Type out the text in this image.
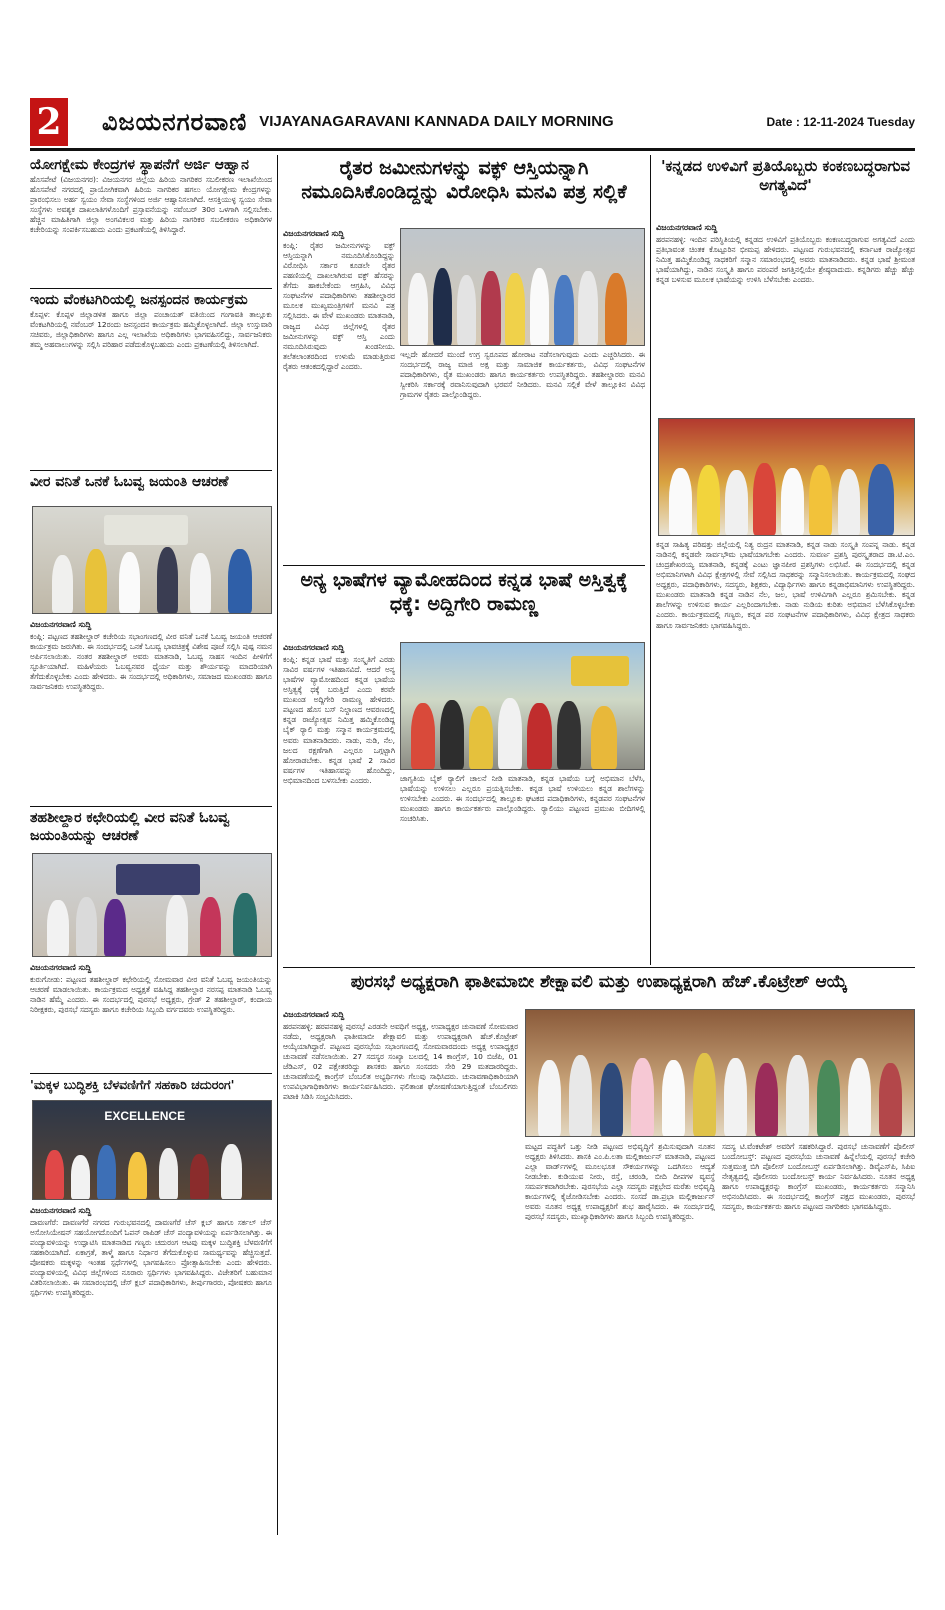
2 ವಿಜಯನಗರವಾಣಿ VIJAYANAGARAVANI KANNADA DAILY MORNING	Date : 12-11-2024 Tuesday
ಯೋಗಕ್ಷೇಮ ಕೇಂದ್ರಗಳ ಸ್ಥಾಪನೆಗೆ ಅರ್ಜಿ ಆಹ್ವಾನ
ಹೊಸಪೇಟೆ (ವಿಜಯನಗರ): ವಿಜಯನಗರ ಜಿಲ್ಲೆಯ ಹಿರಿಯ ನಾಗರಿಕರ ಸಬಲೀಕರಣ ಇಲಾಖೆಯಿಂದ ಹೊಸಪೇಟೆ ನಗರದಲ್ಲಿ ಪ್ರಾಯೋಗಿಕವಾಗಿ ಹಿರಿಯ ನಾಗರಿಕರ ಹಗಲು ಯೋಗಕ್ಷೇಮ ಕೇಂದ್ರಗಳನ್ನು ಪ್ರಾರಂಭಿಸಲು ಅರ್ಹ ಸ್ವಯಂ ಸೇವಾ ಸಂಸ್ಥೆಗಳಿಂದ ಅರ್ಜಿ ಆಹ್ವಾನಿಸಲಾಗಿದೆ. ಆಸಕ್ತಿಯುಳ್ಳ ಸ್ವಯಂ ಸೇವಾ ಸಂಸ್ಥೆಗಳು ಅವಶ್ಯಕ ದಾಖಲಾತಿಗಳೊಂದಿಗೆ ಪ್ರಸ್ತಾವನೆಯನ್ನು ನವೆಂಬರ್ 30ರ ಒಳಗಾಗಿ ಸಲ್ಲಿಸಬೇಕು. ಹೆಚ್ಚಿನ ಮಾಹಿತಿಗಾಗಿ ಜಿಲ್ಲಾ ಅಂಗವಿಕಲರ ಮತ್ತು ಹಿರಿಯ ನಾಗರಿಕರ ಸಬಲೀಕರಣ ಅಧಿಕಾರಿಗಳ ಕಚೇರಿಯನ್ನು ಸಂಪರ್ಕಿಸಬಹುದು ಎಂದು ಪ್ರಕಟಣೆಯಲ್ಲಿ ತಿಳಿಸಿದ್ದಾರೆ.
ಇಂದು ವೆಂಕಟಗಿರಿಯಲ್ಲಿ ಜನಸ್ಪಂದನ ಕಾರ್ಯಕ್ರಮ
ಕೊಪ್ಪಳ: ಕೊಪ್ಪಳ ಜಿಲ್ಲಾಡಳಿತ ಹಾಗೂ ಜಿಲ್ಲಾ ಪಂಚಾಯತ್ ವತಿಯಿಂದ ಗಂಗಾವತಿ ತಾಲ್ಲೂಕು ವೆಂಕಟಗಿರಿಯಲ್ಲಿ ನವೆಂಬರ್ 12ರಂದು ಜನಸ್ಪಂದನ ಕಾರ್ಯಕ್ರಮ ಹಮ್ಮಿಕೊಳ್ಳಲಾಗಿದೆ. ಜಿಲ್ಲಾ ಉಸ್ತುವಾರಿ ಸಚಿವರು, ಜಿಲ್ಲಾಧಿಕಾರಿಗಳು ಹಾಗೂ ಎಲ್ಲ ಇಲಾಖೆಯ ಅಧಿಕಾರಿಗಳು ಭಾಗವಹಿಸಲಿದ್ದು, ಸಾರ್ವಜನಿಕರು ತಮ್ಮ ಅಹವಾಲುಗಳನ್ನು ಸಲ್ಲಿಸಿ ಪರಿಹಾರ ಪಡೆದುಕೊಳ್ಳಬಹುದು ಎಂದು ಪ್ರಕಟಣೆಯಲ್ಲಿ ತಿಳಿಸಲಾಗಿದೆ.
ವೀರ ವನಿತೆ ಒನಕೆ ಓಬವ್ವ ಜಯಂತಿ ಆಚರಣೆ
ವಿಜಯನಗರವಾಣಿ ಸುದ್ದಿ
ಕಂಪ್ಲಿ: ಪಟ್ಟಣದ ತಹಶೀಲ್ದಾರ್ ಕಚೇರಿಯ ಸಭಾಂಗಣದಲ್ಲಿ ವೀರ ವನಿತೆ ಒನಕೆ ಓಬವ್ವ ಜಯಂತಿ ಆಚರಣೆ ಕಾರ್ಯಕ್ರಮ ಜರುಗಿತು. ಈ ಸಂದರ್ಭದಲ್ಲಿ ಒನಕೆ ಓಬವ್ವ ಭಾವಚಿತ್ರಕ್ಕೆ ವಿಶೇಷ ಪೂಜೆ ಸಲ್ಲಿಸಿ ಪುಷ್ಪ ನಮನ ಅರ್ಪಿಸಲಾಯಿತು. ನಂತರ ತಹಶೀಲ್ದಾರ್ ಅವರು ಮಾತನಾಡಿ, ಓಬವ್ವ ಸಾಹಸ ಇಂದಿನ ಪೀಳಿಗೆಗೆ ಸ್ಫೂರ್ತಿಯಾಗಿದೆ. ಮಹಿಳೆಯರು ಓಬವ್ವನವರ ಧೈರ್ಯ ಮತ್ತು ಶೌರ್ಯವನ್ನು ಮಾದರಿಯಾಗಿ ತೆಗೆದುಕೊಳ್ಳಬೇಕು ಎಂದು ಹೇಳಿದರು. ಈ ಸಂದರ್ಭದಲ್ಲಿ ಅಧಿಕಾರಿಗಳು, ಸಮಾಜದ ಮುಖಂಡರು ಹಾಗೂ ಸಾರ್ವಜನಿಕರು ಉಪಸ್ಥಿತರಿದ್ದರು.
ತಹಶೀಲ್ದಾರ ಕಛೇರಿಯಲ್ಲಿ ವೀರ ವನಿತೆ ಓಬವ್ವ ಜಯಂತಿಯನ್ನು ಆಚರಣೆ
ವಿಜಯನಗರವಾಣಿ ಸುದ್ದಿ
ಕುರುಗೋಡು: ಪಟ್ಟಣದ ತಹಶೀಲ್ದಾರ್ ಕಛೇರಿಯಲ್ಲಿ ಸೋಮವಾರ ವೀರ ವನಿತೆ ಓಬವ್ವ ಜಯಂತಿಯನ್ನು ಆಚರಣೆ ಮಾಡಲಾಯಿತು. ಕಾರ್ಯಕ್ರಮದ ಅಧ್ಯಕ್ಷತೆ ವಹಿಸಿದ್ದ ತಹಶೀಲ್ದಾರ ನರಸಪ್ಪ ಮಾತನಾಡಿ ಓಬವ್ವ ನಾಡಿನ ಹೆಮ್ಮೆ ಎಂದರು. ಈ ಸಂದರ್ಭದಲ್ಲಿ ಪುರಸಭೆ ಅಧ್ಯಕ್ಷರು, ಗ್ರೇಡ್ 2 ತಹಶೀಲ್ದಾರ್, ಕಂದಾಯ ನಿರೀಕ್ಷಕರು, ಪುರಸಭೆ ಸದಸ್ಯರು ಹಾಗೂ ಕಚೇರಿಯ ಸಿಬ್ಬಂದಿ ವರ್ಗದವರು ಉಪಸ್ಥಿತರಿದ್ದರು.
'ಮಕ್ಕಳ ಬುದ್ಧಿಶಕ್ತಿ ಬೆಳವಣಿಗೆಗೆ ಸಹಕಾರಿ ಚದುರಂಗ'
EXCELLENCE
ವಿಜಯನಗರವಾಣಿ ಸುದ್ದಿ
ದಾವಣಗೆರೆ: ದಾವಣಗೆರೆ ನಗರದ ಗುರುಭವನದಲ್ಲಿ ದಾವಣಗೆರೆ ಚೆಸ್ ಕ್ಲಬ್ ಹಾಗೂ ಸರ್ಕಲ್ ಚೆಸ್ ಅಸೋಸಿಯೇಷನ್ ಸಹಯೋಗದೊಂದಿಗೆ ಓಪನ್ ರಾಪಿಡ್ ಚೆಸ್ ಪಂದ್ಯಾವಳಿಯನ್ನು ಏರ್ಪಡಿಸಲಾಗಿತ್ತು. ಈ ಪಂದ್ಯಾವಳಿಯನ್ನು ಉದ್ಘಾಟಿಸಿ ಮಾತನಾಡಿದ ಗಣ್ಯರು ಚದುರಂಗ ಆಟವು ಮಕ್ಕಳ ಬುದ್ಧಿಶಕ್ತಿ ಬೆಳವಣಿಗೆಗೆ ಸಹಕಾರಿಯಾಗಿದೆ. ಏಕಾಗ್ರತೆ, ತಾಳ್ಮೆ ಹಾಗೂ ನಿರ್ಧಾರ ತೆಗೆದುಕೊಳ್ಳುವ ಸಾಮರ್ಥ್ಯವನ್ನು ಹೆಚ್ಚಿಸುತ್ತದೆ. ಪೋಷಕರು ಮಕ್ಕಳನ್ನು ಇಂತಹ ಸ್ಪರ್ಧೆಗಳಲ್ಲಿ ಭಾಗವಹಿಸಲು ಪ್ರೋತ್ಸಾಹಿಸಬೇಕು ಎಂದು ಹೇಳಿದರು. ಪಂದ್ಯಾವಳಿಯಲ್ಲಿ ವಿವಿಧ ಜಿಲ್ಲೆಗಳಿಂದ ನೂರಾರು ಸ್ಪರ್ಧಿಗಳು ಭಾಗವಹಿಸಿದ್ದರು. ವಿಜೇತರಿಗೆ ಬಹುಮಾನ ವಿತರಿಸಲಾಯಿತು. ಈ ಸಮಾರಂಭದಲ್ಲಿ ಚೆಸ್ ಕ್ಲಬ್ ಪದಾಧಿಕಾರಿಗಳು, ತೀರ್ಪುಗಾರರು, ಪೋಷಕರು ಹಾಗೂ ಸ್ಪರ್ಧಿಗಳು ಉಪಸ್ಥಿತರಿದ್ದರು.
ರೈತರ ಜಮೀನುಗಳನ್ನು ವಕ್ಫ್ ಆಸ್ತಿಯನ್ನಾಗಿ ನಮೂದಿಸಿಕೊಂಡಿದ್ದನ್ನು ವಿರೋಧಿಸಿ ಮನವಿ ಪತ್ರ ಸಲ್ಲಿಕೆ
ವಿಜಯನಗರವಾಣಿ ಸುದ್ದಿ
ಕಂಪ್ಲಿ: ರೈತರ ಜಮೀನುಗಳನ್ನು ವಕ್ಫ್ ಆಸ್ತಿಯನ್ನಾಗಿ ನಮೂದಿಸಿಕೊಂಡಿದ್ದನ್ನು ವಿರೋಧಿಸಿ ಸರ್ಕಾರ ಕೂಡಲೇ ರೈತರ ಪಹಣಿಯಲ್ಲಿ ದಾಖಲಾಗಿರುವ ವಕ್ಫ್ ಹೆಸರನ್ನು ತೆಗೆದು ಹಾಕಬೇಕೆಂದು ಆಗ್ರಹಿಸಿ, ವಿವಿಧ ಸಂಘಟನೆಗಳ ಪದಾಧಿಕಾರಿಗಳು ತಹಶೀಲ್ದಾರರ ಮೂಲಕ ಮುಖ್ಯಮಂತ್ರಿಗಳಿಗೆ ಮನವಿ ಪತ್ರ ಸಲ್ಲಿಸಿದರು. ಈ ವೇಳೆ ಮುಖಂಡರು ಮಾತನಾಡಿ, ರಾಜ್ಯದ ವಿವಿಧ ಜಿಲ್ಲೆಗಳಲ್ಲಿ ರೈತರ ಜಮೀನುಗಳನ್ನು ವಕ್ಫ್ ಆಸ್ತಿ ಎಂದು ನಮೂದಿಸಿರುವುದು ಖಂಡನೀಯ. ತಲೆತಲಾಂತರದಿಂದ ಉಳುಮೆ ಮಾಡುತ್ತಿರುವ ರೈತರು ಆತಂಕದಲ್ಲಿದ್ದಾರೆ ಎಂದರು.
ಇಲ್ಲದೇ ಹೋದರೆ ಮುಂದೆ ಉಗ್ರ ಸ್ವರೂಪದ ಹೋರಾಟ ನಡೆಸಲಾಗುವುದು ಎಂದು ಎಚ್ಚರಿಸಿದರು. ಈ ಸಂದರ್ಭದಲ್ಲಿ ರಾಜ್ಯ ಮಾಜಿ ಅಕ್ಷ ಮತ್ತು ಸಾಮಾಜಿಕ ಕಾರ್ಯಕರ್ತರು, ವಿವಿಧ ಸಂಘಟನೆಗಳ ಪದಾಧಿಕಾರಿಗಳು, ರೈತ ಮುಖಂಡರು ಹಾಗೂ ಕಾರ್ಯಕರ್ತರು ಉಪಸ್ಥಿತರಿದ್ದರು. ತಹಶೀಲ್ದಾರರು ಮನವಿ ಸ್ವೀಕರಿಸಿ ಸರ್ಕಾರಕ್ಕೆ ರವಾನಿಸುವುದಾಗಿ ಭರವಸೆ ನೀಡಿದರು. ಮನವಿ ಸಲ್ಲಿಕೆ ವೇಳೆ ತಾಲ್ಲೂಕಿನ ವಿವಿಧ ಗ್ರಾಮಗಳ ರೈತರು ಪಾಲ್ಗೊಂಡಿದ್ದರು.
ಅನ್ಯ ಭಾಷೆಗಳ ವ್ಯಾಮೋಹದಿಂದ ಕನ್ನಡ ಭಾಷೆ ಅಸ್ತಿತ್ವಕ್ಕೆ ಧಕ್ಕೆ: ಅದ್ದಿಗೇರಿ ರಾಮಣ್ಣ
ವಿಜಯನಗರವಾಣಿ ಸುದ್ದಿ
ಕಂಪ್ಲಿ: ಕನ್ನಡ ಭಾಷೆ ಮತ್ತು ಸಂಸ್ಕೃತಿಗೆ ಎರಡು ಸಾವಿರ ವರ್ಷಗಳ ಇತಿಹಾಸವಿದೆ. ಆದರೆ ಅನ್ಯ ಭಾಷೆಗಳ ವ್ಯಾಮೋಹದಿಂದ ಕನ್ನಡ ಭಾಷೆಯ ಅಸ್ತಿತ್ವಕ್ಕೆ ಧಕ್ಕೆ ಬರುತ್ತಿದೆ ಎಂದು ಕರವೇ ಮುಖಂಡ ಅದ್ದಿಗೇರಿ ರಾಮಣ್ಣ ಹೇಳಿದರು. ಪಟ್ಟಣದ ಹೊಸ ಬಸ್ ನಿಲ್ದಾಣದ ಆವರಣದಲ್ಲಿ ಕನ್ನಡ ರಾಜ್ಯೋತ್ಸವ ನಿಮಿತ್ತ ಹಮ್ಮಿಕೊಂಡಿದ್ದ ಬೈಕ್ ರ‍್ಯಾಲಿ ಮತ್ತು ಸನ್ಮಾನ ಕಾರ್ಯಕ್ರಮದಲ್ಲಿ ಅವರು ಮಾತನಾಡಿದರು. ನಾಡು, ನುಡಿ, ನೆಲ, ಜಲದ ರಕ್ಷಣೆಗಾಗಿ ಎಲ್ಲರೂ ಒಗ್ಗಟ್ಟಾಗಿ ಹೋರಾಡಬೇಕು. ಕನ್ನಡ ಭಾಷೆ 2 ಸಾವಿರ ವರ್ಷಗಳ ಇತಿಹಾಸವನ್ನು ಹೊಂದಿದ್ದು, ಅಭಿಮಾನದಿಂದ ಬಳಸಬೇಕು ಎಂದರು.	ಜಾಗೃತಿಯ ಬೈಕ್ ರ‍್ಯಾಲಿಗೆ ಚಾಲನೆ ನೀಡಿ ಮಾತನಾಡಿ, ಕನ್ನಡ ಭಾಷೆಯ ಬಗ್ಗೆ ಅಭಿಮಾನ ಬೆಳೆಸಿ, ಭಾಷೆಯನ್ನು ಉಳಿಸಲು ಎಲ್ಲರೂ ಪ್ರಯತ್ನಿಸಬೇಕು. ಕನ್ನಡ ಭಾಷೆ ಉಳಿಯಲು ಕನ್ನಡ ಶಾಲೆಗಳನ್ನು ಉಳಿಸಬೇಕು ಎಂದರು. ಈ ಸಂದರ್ಭದಲ್ಲಿ ತಾಲ್ಲೂಕು ಘಟಕದ ಪದಾಧಿಕಾರಿಗಳು, ಕನ್ನಡಪರ ಸಂಘಟನೆಗಳ ಮುಖಂಡರು ಹಾಗೂ ಕಾರ್ಯಕರ್ತರು ಪಾಲ್ಗೊಂಡಿದ್ದರು. ರ‍್ಯಾಲಿಯು ಪಟ್ಟಣದ ಪ್ರಮುಖ ಬೀದಿಗಳಲ್ಲಿ ಸಂಚರಿಸಿತು.
'ಕನ್ನಡದ ಉಳಿವಿಗೆ ಪ್ರತಿಯೊಬ್ಬರು ಕಂಕಣಬದ್ಧರಾಗುವ ಅಗತ್ಯವಿದೆ'
ವಿಜಯನಗರವಾಣಿ ಸುದ್ದಿ
ಹರಪನಹಳ್ಳಿ: ಇಂದಿನ ಪರಿಸ್ಥಿತಿಯಲ್ಲಿ ಕನ್ನಡದ ಉಳಿವಿಗೆ ಪ್ರತಿಯೊಬ್ಬರು ಕಂಕಣಬದ್ಧರಾಗುವ ಅಗತ್ಯವಿದೆ ಎಂದು ಪ್ರತಿಭಾವಂತ ಚಿಂತಕ ಕೊಟ್ಟೂರಿನ ಭೀಮಪ್ಪ ಹೇಳಿದರು. ಪಟ್ಟಣದ ಗುರುಭವನದಲ್ಲಿ ಕರ್ನಾಟಕ ರಾಜ್ಯೋತ್ಸವ ನಿಮಿತ್ತ ಹಮ್ಮಿಕೊಂಡಿದ್ದ ಸಾಧಕರಿಗೆ ಸನ್ಮಾನ ಸಮಾರಂಭದಲ್ಲಿ ಅವರು ಮಾತನಾಡಿದರು. ಕನ್ನಡ ಭಾಷೆ ಶ್ರೀಮಂತ ಭಾಷೆಯಾಗಿದ್ದು, ನಾಡಿನ ಸಂಸ್ಕೃತಿ ಹಾಗೂ ಪರಂಪರೆ ಜಗತ್ತಿನಲ್ಲಿಯೇ ಶ್ರೇಷ್ಠವಾದುದು. ಕನ್ನಡಿಗರು ಹೆಚ್ಚು ಹೆಚ್ಚು ಕನ್ನಡ ಬಳಸುವ ಮೂಲಕ ಭಾಷೆಯನ್ನು ಉಳಿಸಿ ಬೆಳೆಸಬೇಕು ಎಂದರು.
ಕನ್ನಡ ಸಾಹಿತ್ಯ ಪರಿಷತ್ತು ಜಿಲ್ಲೆಯಲ್ಲಿ ನಿತ್ಯ ರುದ್ರನ ಮಾತನಾಡಿ, ಕನ್ನಡ ನಾಡು ಸಂಸ್ಕೃತಿ ಸಂಪನ್ನ ನಾಡು. ಕನ್ನಡ ನಾಡಿನಲ್ಲಿ ಕನ್ನಡವೇ ಸಾರ್ವಭೌಮ ಭಾಷೆಯಾಗಬೇಕು ಎಂದರು. ಸುವರ್ಣ ಪ್ರಶಸ್ತಿ ಪುರಸ್ಕೃತರಾದ ಡಾ.ಟಿ.ಎಂ. ಚಂದ್ರಶೇಖರಯ್ಯ ಮಾತನಾಡಿ, ಕನ್ನಡಕ್ಕೆ ಎಂಟು ಜ್ಞಾನಪೀಠ ಪ್ರಶಸ್ತಿಗಳು ಲಭಿಸಿವೆ. ಈ ಸಂದರ್ಭದಲ್ಲಿ ಕನ್ನಡ ಅಭಿಮಾನಿಗಳಾಗಿ ವಿವಿಧ ಕ್ಷೇತ್ರಗಳಲ್ಲಿ ಸೇವೆ ಸಲ್ಲಿಸಿದ ಸಾಧಕರನ್ನು ಸನ್ಮಾನಿಸಲಾಯಿತು. ಕಾರ್ಯಕ್ರಮದಲ್ಲಿ ಸಂಘದ ಅಧ್ಯಕ್ಷರು, ಪದಾಧಿಕಾರಿಗಳು, ಸದಸ್ಯರು, ಶಿಕ್ಷಕರು, ವಿದ್ಯಾರ್ಥಿಗಳು ಹಾಗೂ ಕನ್ನಡಾಭಿಮಾನಿಗಳು ಉಪಸ್ಥಿತರಿದ್ದರು. ಮುಖಂಡರು ಮಾತನಾಡಿ ಕನ್ನಡ ನಾಡಿನ ನೆಲ, ಜಲ, ಭಾಷೆ ಉಳಿವಿಗಾಗಿ ಎಲ್ಲರೂ ಶ್ರಮಿಸಬೇಕು. ಕನ್ನಡ ಶಾಲೆಗಳನ್ನು ಉಳಿಸುವ ಕಾರ್ಯ ಎಲ್ಲರಿಂದಾಗಬೇಕು. ನಾಡು ನುಡಿಯ ಕುರಿತು ಅಭಿಮಾನ ಬೆಳೆಸಿಕೊಳ್ಳಬೇಕು ಎಂದರು. ಕಾರ್ಯಕ್ರಮದಲ್ಲಿ ಗಣ್ಯರು, ಕನ್ನಡ ಪರ ಸಂಘಟನೆಗಳ ಪದಾಧಿಕಾರಿಗಳು, ವಿವಿಧ ಕ್ಷೇತ್ರದ ಸಾಧಕರು ಹಾಗೂ ಸಾರ್ವಜನಿಕರು ಭಾಗವಹಿಸಿದ್ದರು.
ಪುರಸಭೆ ಅಧ್ಯಕ್ಷರಾಗಿ ಫಾತೀಮಾಬೀ ಶೇಕ್ಷಾವಲಿ ಮತ್ತು ಉಪಾಧ್ಯಕ್ಷರಾಗಿ ಹೆಚ್.ಕೊಟ್ರೇಶ್ ಆಯ್ಕೆ
ವಿಜಯನಗರವಾಣಿ ಸುದ್ದಿ
ಹರಪನಹಳ್ಳಿ: ಹರಪನಹಳ್ಳಿ ಪುರಸಭೆ ಎರಡನೇ ಅವಧಿಗೆ ಅಧ್ಯಕ್ಷ, ಉಪಾಧ್ಯಕ್ಷರ ಚುನಾವಣೆ ಸೋಮವಾರ ನಡೆದು, ಅಧ್ಯಕ್ಷರಾಗಿ ಫಾತೀಮಾಬೀ ಶೇಕ್ಷಾವಲಿ ಮತ್ತು ಉಪಾಧ್ಯಕ್ಷರಾಗಿ ಹೆಚ್.ಕೊಟ್ರೇಶ್ ಆಯ್ಕೆಯಾಗಿದ್ದಾರೆ. ಪಟ್ಟಣದ ಪುರಸಭೆಯ ಸಭಾಂಗಣದಲ್ಲಿ ಸೋಮವಾರದಂದು ಅಧ್ಯಕ್ಷ ಉಪಾಧ್ಯಕ್ಷರ ಚುನಾವಣೆ ನಡೆಸಲಾಯಿತು. 27 ಸದಸ್ಯರ ಸಂಖ್ಯಾ ಬಲದಲ್ಲಿ 14 ಕಾಂಗ್ರೆಸ್, 10 ಬಿಜೆಪಿ, 01 ಜೆಡಿಎಸ್, 02 ಪಕ್ಷೇತರರಿದ್ದು ಶಾಸಕರು ಹಾಗೂ ಸಂಸದರು ಸೇರಿ 29 ಮತದಾರರಿದ್ದರು. ಚುನಾವಣೆಯಲ್ಲಿ ಕಾಂಗ್ರೆಸ್ ಬೆಂಬಲಿತ ಅಭ್ಯರ್ಥಿಗಳು ಗೆಲುವು ಸಾಧಿಸಿದರು. ಚುನಾವಣಾಧಿಕಾರಿಯಾಗಿ ಉಪವಿಭಾಗಾಧಿಕಾರಿಗಳು ಕಾರ್ಯನಿರ್ವಹಿಸಿದರು. ಫಲಿತಾಂಶ ಘೋಷಣೆಯಾಗುತ್ತಿದ್ದಂತೆ ಬೆಂಬಲಿಗರು ಪಟಾಕಿ ಸಿಡಿಸಿ ಸಂಭ್ರಮಿಸಿದರು.
ಮಟ್ಟದ ಪದ್ಧತಿಗೆ ಒತ್ತು ನೀಡಿ ಪಟ್ಟಣದ ಅಭಿವೃದ್ಧಿಗೆ ಶ್ರಮಿಸುವುದಾಗಿ ನೂತನ ಅಧ್ಯಕ್ಷರು ತಿಳಿಸಿದರು. ಶಾಸಕಿ ಎಂ.ಪಿ.ಲತಾ ಮಲ್ಲಿಕಾರ್ಜುನ್ ಮಾತನಾಡಿ, ಪಟ್ಟಣದ ಎಲ್ಲಾ ವಾರ್ಡ್‌ಗಳಲ್ಲಿ ಮೂಲಭೂತ ಸೌಕರ್ಯಗಳನ್ನು ಒದಗಿಸಲು ಆದ್ಯತೆ ನೀಡಬೇಕು. ಕುಡಿಯುವ ನೀರು, ರಸ್ತೆ, ಚರಂಡಿ, ಬೀದಿ ದೀಪಗಳ ವ್ಯವಸ್ಥೆ ಸಮರ್ಪಕವಾಗಿರಬೇಕು. ಪುರಸಭೆಯ ಎಲ್ಲಾ ಸದಸ್ಯರು ಪಕ್ಷಭೇದ ಮರೆತು ಅಭಿವೃದ್ಧಿ ಕಾರ್ಯಗಳಲ್ಲಿ ಕೈಜೋಡಿಸಬೇಕು ಎಂದರು. ಸಂಸದೆ ಡಾ.ಪ್ರಭಾ ಮಲ್ಲಿಕಾರ್ಜುನ್ ಅವರು ನೂತನ ಅಧ್ಯಕ್ಷ ಉಪಾಧ್ಯಕ್ಷರಿಗೆ ಶುಭ ಹಾರೈಸಿದರು. ಈ ಸಂದರ್ಭದಲ್ಲಿ ಪುರಸಭೆ ಸದಸ್ಯರು, ಮುಖ್ಯಾಧಿಕಾರಿಗಳು ಹಾಗೂ ಸಿಬ್ಬಂದಿ ಉಪಸ್ಥಿತರಿದ್ದರು.
ಸದಸ್ಯ ಟಿ.ವೆಂಕಟೇಶ್ ಅವರಿಗೆ ಸಹಕರಿಸಿದ್ದಾರೆ. ಪುರಸಭೆ ಚುನಾವಣೆಗೆ ಪೊಲೀಸ್ ಬಂದೋಬಸ್ತ್: ಪಟ್ಟಣದ ಪುರಸಭೆಯ ಚುನಾವಣೆ ಹಿನ್ನೆಲೆಯಲ್ಲಿ ಪುರಸಭೆ ಕಚೇರಿ ಸುತ್ತಮುತ್ತ ಬಿಗಿ ಪೊಲೀಸ್ ಬಂದೋಬಸ್ತ್ ಏರ್ಪಡಿಸಲಾಗಿತ್ತು. ಡಿವೈಎಸ್‌ಪಿ, ಸಿಪಿಐ ನೇತೃತ್ವದಲ್ಲಿ ಪೊಲೀಸರು ಬಂದೋಬಸ್ತ್ ಕಾರ್ಯ ನಿರ್ವಹಿಸಿದರು. ನೂತನ ಅಧ್ಯಕ್ಷ ಹಾಗೂ ಉಪಾಧ್ಯಕ್ಷರನ್ನು ಕಾಂಗ್ರೆಸ್ ಮುಖಂಡರು, ಕಾರ್ಯಕರ್ತರು ಸನ್ಮಾನಿಸಿ ಅಭಿನಂದಿಸಿದರು. ಈ ಸಂದರ್ಭದಲ್ಲಿ ಕಾಂಗ್ರೆಸ್ ಪಕ್ಷದ ಮುಖಂಡರು, ಪುರಸಭೆ ಸದಸ್ಯರು, ಕಾರ್ಯಕರ್ತರು ಹಾಗೂ ಪಟ್ಟಣದ ನಾಗರಿಕರು ಭಾಗವಹಿಸಿದ್ದರು.
